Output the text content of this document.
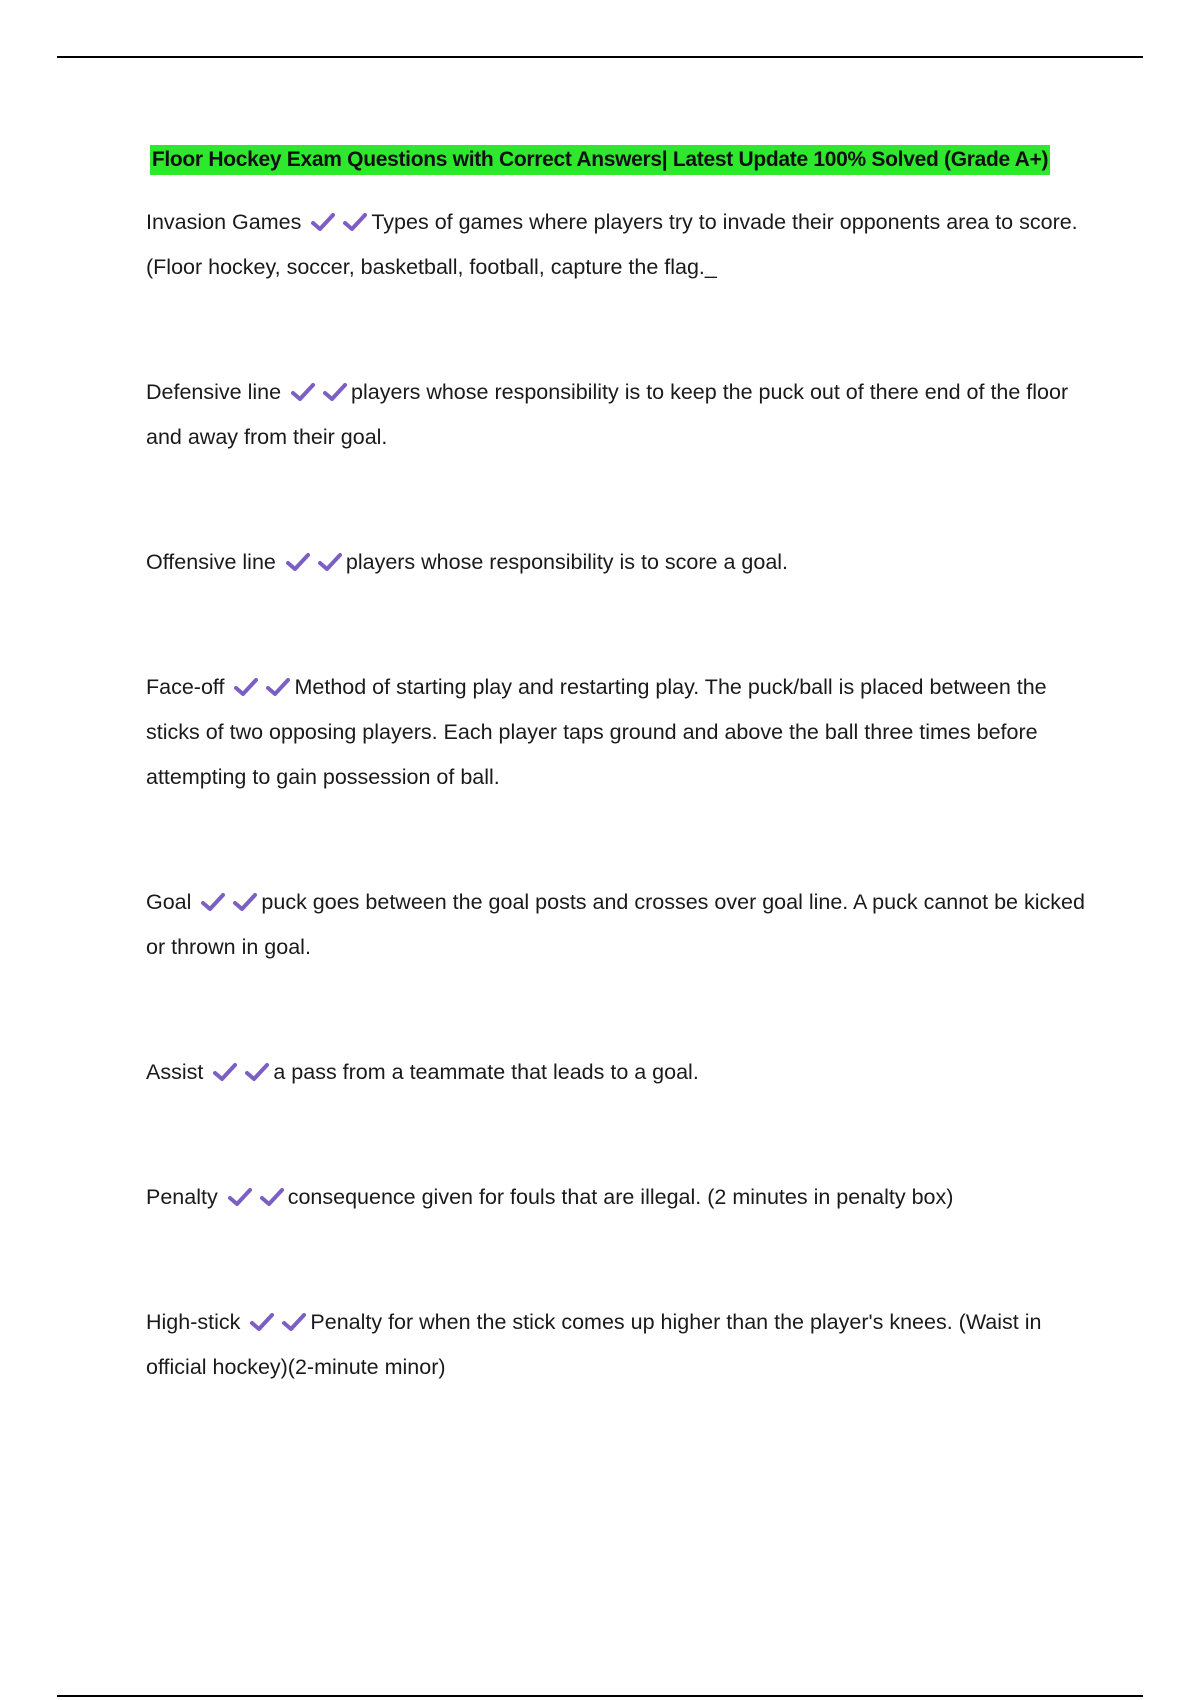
Floor Hockey Exam Questions with Correct Answers| Latest Update 100% Solved (Grade A+)
Invasion Games	Types of games where players try to invade their opponents area to score. (Floor hockey, soccer, basketball, football, capture the flag._
Defensive line	players whose responsibility is to keep the puck out of there end of the floor and away from their goal.
Offensive line	players whose responsibility is to score a goal.
Face-off	Method of starting play and restarting play. The puck/ball is placed between the sticks of two opposing players. Each player taps ground and above the ball three times before attempting to gain possession of ball.
Goal	puck goes between the goal posts and crosses over goal line. A puck cannot be kicked or thrown in goal.
Assist	a pass from a teammate that leads to a goal.
Penalty	consequence given for fouls that are illegal. (2 minutes in penalty box)
High-stick	Penalty for when the stick comes up higher than the player's knees. (Waist in official hockey)(2-minute minor)
